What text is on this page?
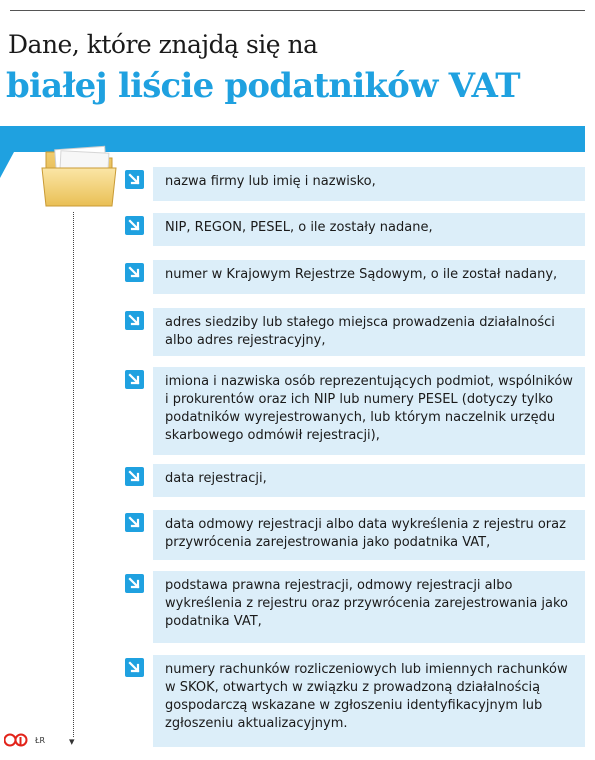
Dane, które znajdą się na
białej liście podatników VAT
▾
nazwa firmy lub imię i nazwisko,
NIP, REGON, PESEL, o ile zostały nadane,
numer w Krajowym Rejestrze Sądowym, o ile został nadany,
adres siedziby lub stałego miejsca prowadzenia działalności albo adres rejestracyjny,
imiona i nazwiska osób reprezentujących podmiot, wspólników i prokurentów oraz ich NIP lub numery PESEL (dotyczy tylko podatników wyrejestrowanych, lub którym naczelnik urzędu skarbowego odmówił rejestracji),
data rejestracji,
data odmowy rejestracji albo data wykreślenia z rejestru oraz przywrócenia zarejestrowania jako podatnika VAT,
podstawa prawna rejestracji, odmowy rejestracji albo wykreślenia z rejestru oraz przywrócenia zarejestrowania jako podatnika VAT,
numery rachunków rozliczeniowych lub imiennych rachunków w SKOK, otwartych w związku z prowadzoną działalnością gospodarczą wskazane w zgłoszeniu identyfikacyjnym lub zgłoszeniu aktualizacyjnym.
ŁR
